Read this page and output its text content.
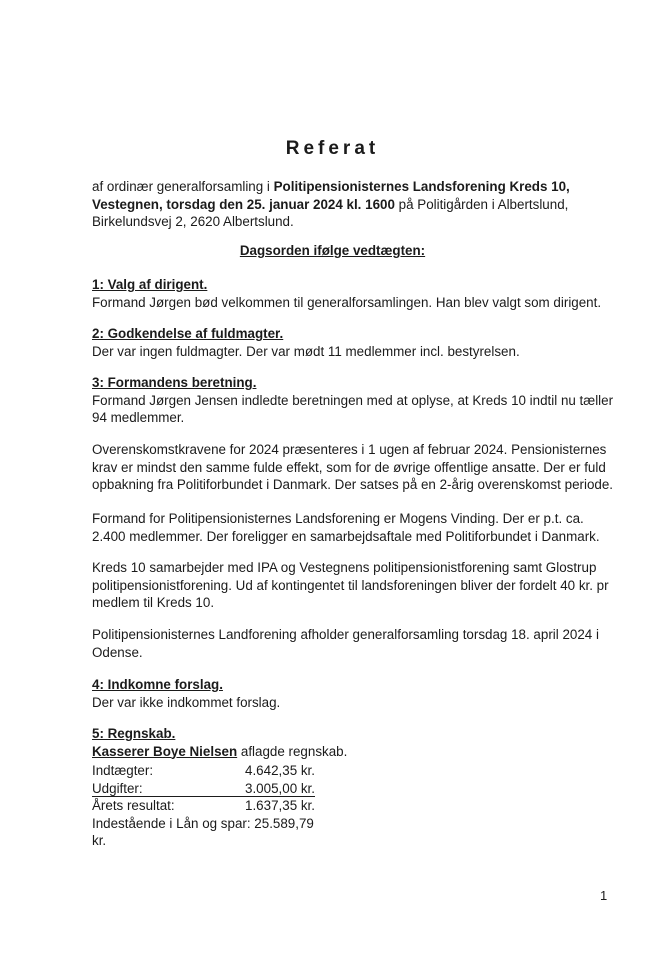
Referat
af ordinær generalforsamling i Politipensionisternes Landsforening Kreds 10, Vestegnen, torsdag den 25. januar 2024 kl. 1600 på Politigården i Albertslund, Birkelundsvej 2, 2620 Albertslund.
Dagsorden ifølge vedtægten:
1: Valg af dirigent.

Formand Jørgen bød velkommen til generalforsamlingen. Han blev valgt som dirigent.

2: Godkendelse af fuldmagter.

Der var ingen fuldmagter. Der var mødt 11 medlemmer incl. bestyrelsen.

3: Formandens beretning.

Formand Jørgen Jensen indledte beretningen med at oplyse, at Kreds 10 indtil nu tæller 94 medlemmer.

Overenskomstkravene for 2024 præsenteres i 1 ugen af februar 2024. Pensionisternes krav er mindst den samme fulde effekt, som for de øvrige offentlige ansatte. Der er fuld opbakning fra Politiforbundet i Danmark. Der satses på en 2-årig overenskomst periode.

Formand for Politipensionisternes Landsforening er Mogens Vinding. Der er p.t. ca. 2.400 medlemmer. Der foreligger en samarbejdsaftale med Politiforbundet i Danmark.

Kreds 10 samarbejder med IPA og Vestegnens politipensionistforening samt Glostrup politipensionistforening. Ud af kontingentet til landsforeningen bliver der fordelt 40 kr. pr medlem til Kreds 10.

Politipensionisternes Landforening afholder generalforsamling torsdag 18. april 2024 i Odense.

4: Indkomne forslag.

Der var ikke indkommet forslag.

5: Regnskab.

Kasserer Boye Nielsen aflagde regnskab.

Indtægter:	4.642,35 kr.
Udgifter:	3.005,00 kr.
Årets resultat:	1.637,35 kr.
Indestående i Lån og spar: 25.589,79 kr.
1
